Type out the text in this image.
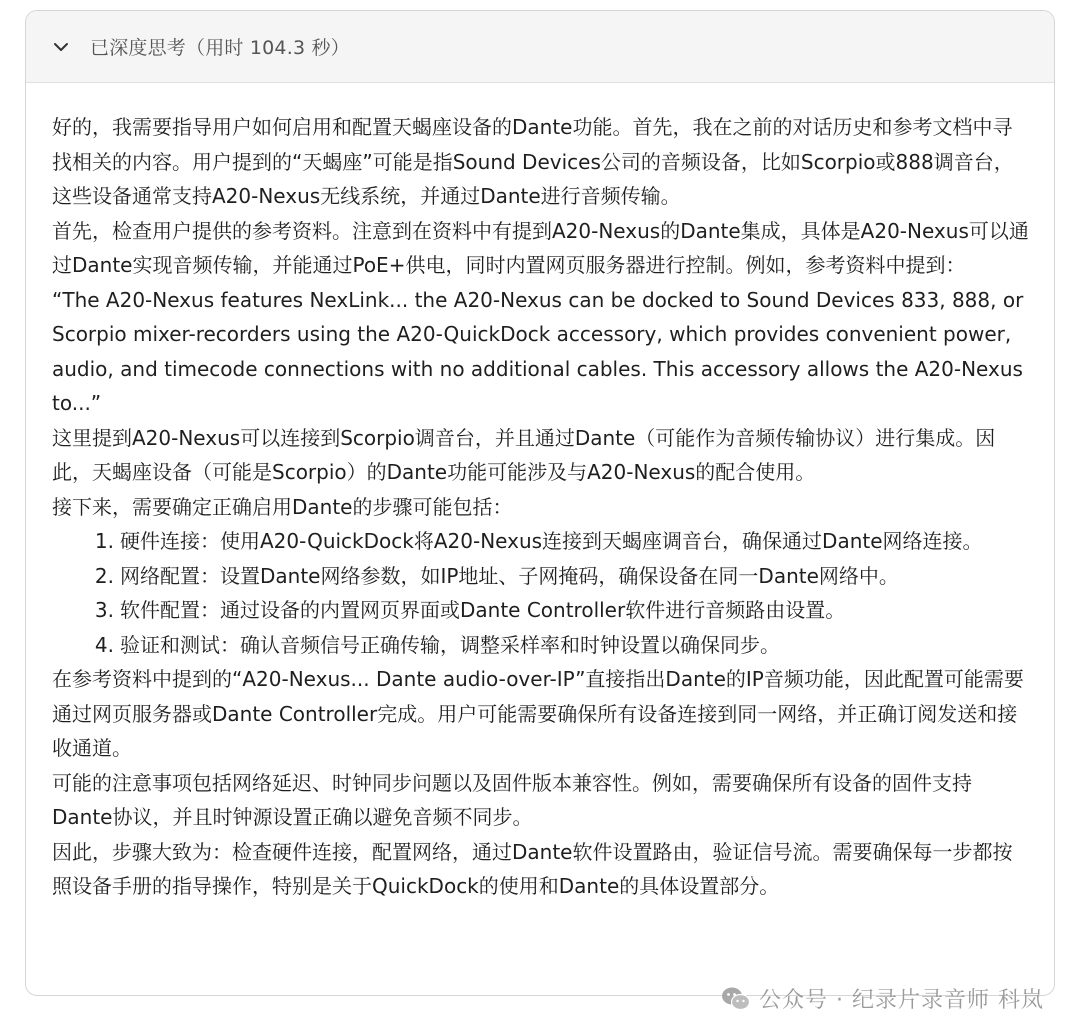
已深度思考（用时 104.3 秒）

好的，我需要指导用户如何启用和配置天蝎座设备的Dante功能。首先，我在之前的对话历史和参考文档中寻找相关的内容。用户提到的“天蝎座”可能是指Sound Devices公司的音频设备，比如Scorpio或888调音台，这些设备通常支持A20-Nexus无线系统，并通过Dante进行音频传输。

首先，检查用户提供的参考资料。注意到在资料中有提到A20-Nexus的Dante集成，具体是A20-Nexus可以通过Dante实现音频传输，并能通过PoE+供电，同时内置网页服务器进行控制。例如，参考资料中提到：

“The A20-Nexus features NexLink... the A20-Nexus can be docked to Sound Devices 833, 888, or Scorpio mixer-recorders using the A20-QuickDock accessory, which provides convenient power, audio, and timecode connections with no additional cables. This accessory allows the A20-Nexus to...”

这里提到A20-Nexus可以连接到Scorpio调音台，并且通过Dante（可能作为音频传输协议）进行集成。因此，天蝎座设备（可能是Scorpio）的Dante功能可能涉及与A20-Nexus的配合使用。

接下来，需要确定正确启用Dante的步骤可能包括：

1. 硬件连接：使用A20-QuickDock将A20-Nexus连接到天蝎座调音台，确保通过Dante网络连接。
2. 网络配置：设置Dante网络参数，如IP地址、子网掩码，确保设备在同一Dante网络中。
3. 软件配置：通过设备的内置网页界面或Dante Controller软件进行音频路由设置。
4. 验证和测试：确认音频信号正确传输，调整采样率和时钟设置以确保同步。

在参考资料中提到的“A20-Nexus... Dante audio-over-IP”直接指出Dante的IP音频功能，因此配置可能需要通过网页服务器或Dante Controller完成。用户可能需要确保所有设备连接到同一网络，并正确订阅发送和接收通道。

可能的注意事项包括网络延迟、时钟同步问题以及固件版本兼容性。例如，需要确保所有设备的固件支持Dante协议，并且时钟源设置正确以避免音频不同步。

因此，步骤大致为：检查硬件连接，配置网络，通过Dante软件设置路由，验证信号流。需要确保每一步都按照设备手册的指导操作，特别是关于QuickDock的使用和Dante的具体设置部分。

公众号 · 纪录片录音师 科岚
